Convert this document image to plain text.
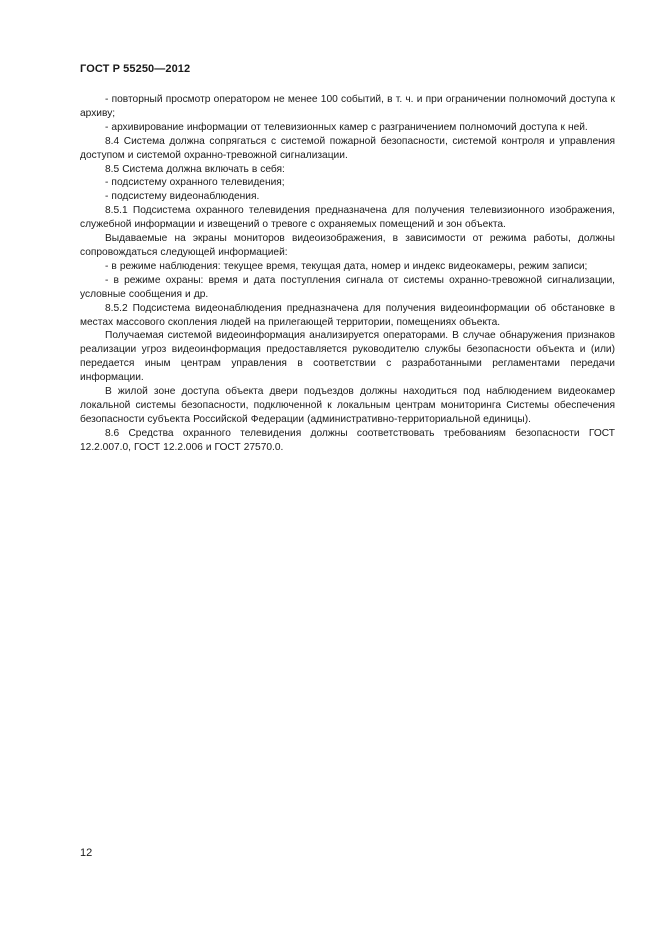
ГОСТ Р 55250—2012

- повторный просмотр оператором не менее 100 событий, в т. ч. и при ограничении полномочий доступа к архиву;

- архивирование информации от телевизионных камер с разграничением полномочий доступа к ней.

8.4 Система должна сопрягаться с системой пожарной безопасности, системой контроля и управления доступом и системой охранно-тревожной сигнализации.

8.5 Система должна включать в себя:

- подсистему охранного телевидения;

- подсистему видеонаблюдения.

8.5.1 Подсистема охранного телевидения предназначена для получения телевизионного изображения, служебной информации и извещений о тревоге с охраняемых помещений и зон объекта.

Выдаваемые на экраны мониторов видеоизображения, в зависимости от режима работы, должны сопровождаться следующей информацией:

- в режиме наблюдения: текущее время, текущая дата, номер и индекс видеокамеры, режим записи;

- в режиме охраны: время и дата поступления сигнала от системы охранно-тревожной сигнализации, условные сообщения и др.

8.5.2 Подсистема видеонаблюдения предназначена для получения видеоинформации об обстановке в местах массового скопления людей на прилегающей территории, помещениях объекта.

Получаемая системой видеоинформация анализируется операторами. В случае обнаружения признаков реализации угроз видеоинформация предоставляется руководителю службы безопасности объекта и (или) передается иным центрам управления в соответствии с разработанными регламентами передачи информации.

В жилой зоне доступа объекта двери подъездов должны находиться под наблюдением видеокамер локальной системы безопасности, подключенной к локальным центрам мониторинга Системы обеспечения безопасности субъекта Российской Федерации (административно-территориальной единицы).

8.6 Средства охранного телевидения должны соответствовать требованиям безопасности ГОСТ 12.2.007.0, ГОСТ 12.2.006 и ГОСТ 27570.0.

12
